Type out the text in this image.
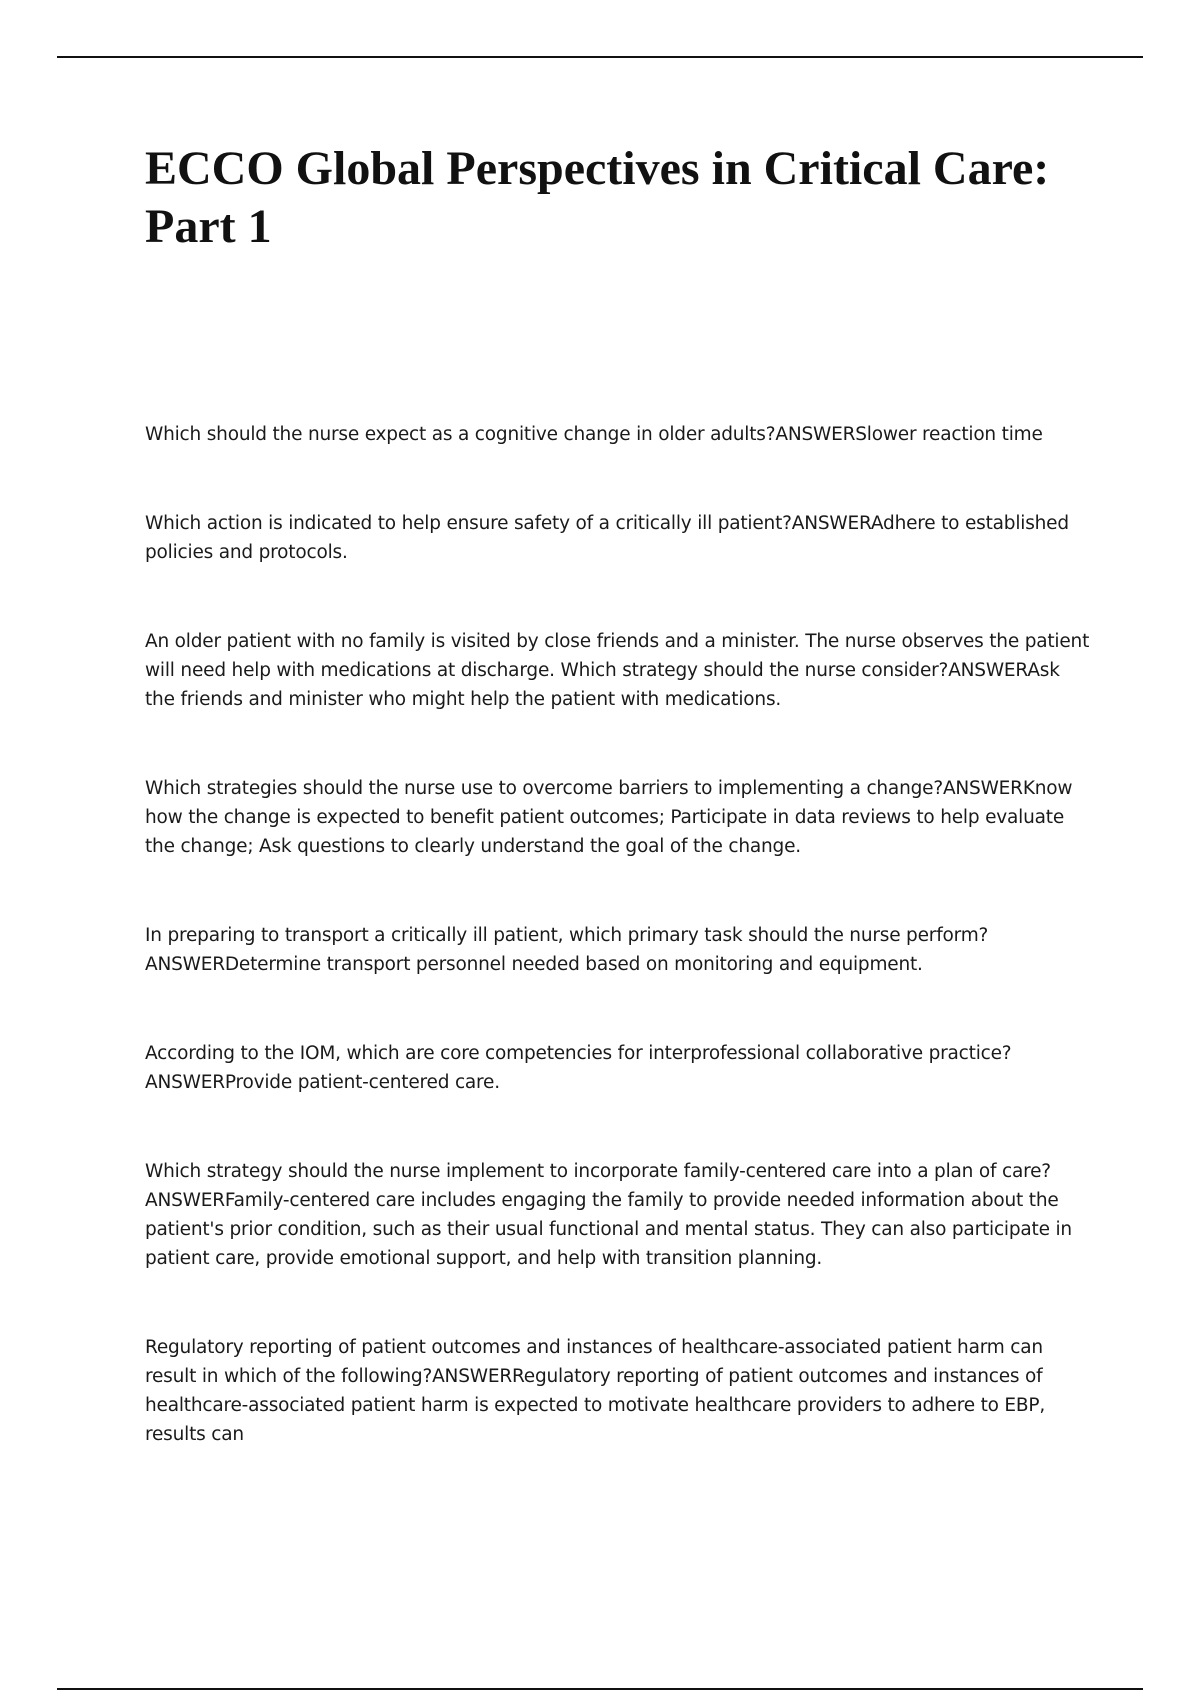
ECCO Global Perspectives in Critical Care: Part 1
Which should the nurse expect as a cognitive change in older adults?ANSWERSlower reaction time
Which action is indicated to help ensure safety of a critically ill patient?ANSWERAdhere to established policies and protocols.
An older patient with no family is visited by close friends and a minister. The nurse observes the patient will need help with medications at discharge. Which strategy should the nurse consider?ANSWERAsk the friends and minister who might help the patient with medications.
Which strategies should the nurse use to overcome barriers to implementing a change?ANSWERKnow how the change is expected to benefit patient outcomes; Participate in data reviews to help evaluate the change; Ask questions to clearly understand the goal of the change.
In preparing to transport a critically ill patient, which primary task should the nurse perform?ANSWERDetermine transport personnel needed based on monitoring and equipment.
According to the IOM, which are core competencies for interprofessional collaborative practice?ANSWERProvide patient-centered care.
Which strategy should the nurse implement to incorporate family-centered care into a plan of care?ANSWERFamily-centered care includes engaging the family to provide needed information about the patient's prior condition, such as their usual functional and mental status. They can also participate in patient care, provide emotional support, and help with transition planning.
Regulatory reporting of patient outcomes and instances of healthcare-associated patient harm can result in which of the following?ANSWERRegulatory reporting of patient outcomes and instances of healthcare-associated patient harm is expected to motivate healthcare providers to adhere to EBP, results can
